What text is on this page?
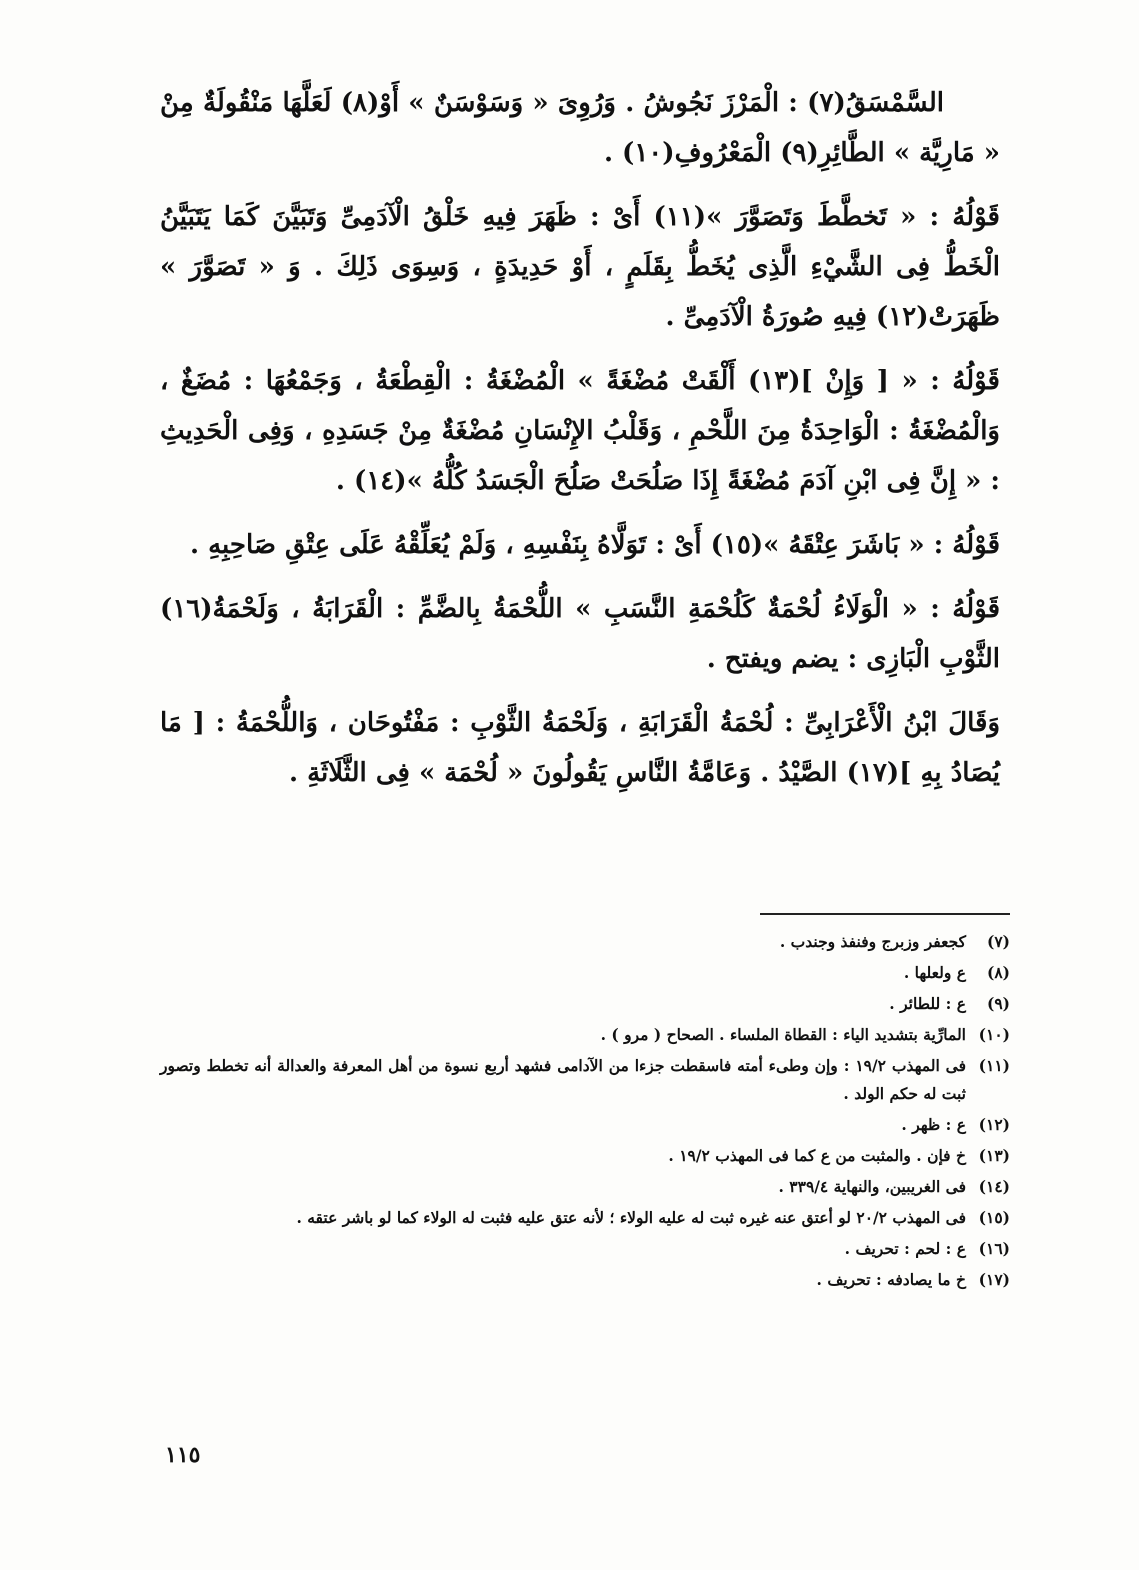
السَّمْسَقُ(٧) : الْمَرْزَ نَجُوشُ . وَرُوِىَ « وَسَوْسَنٌ » أَوْ(٨) لَعَلَّهَا مَنْقُولَةٌ مِنْ « مَارِيَّة » الطَّائِرِ(٩) الْمَعْرُوفِ(١٠) .

قَوْلُهُ : « تَخطَّطَ وَتَصَوَّرَ »(١١) أَىْ : ظَهَرَ فِيهِ خَلْقُ الْآدَمِىِّ وَتَبَيَّنَ كَمَا يَتَبَيَّنُ الْخَطُّ فِى الشَّيْءِ الَّذِى يُخَطُّ بِقَلَمٍ ، أَوْ حَدِيدَةٍ ، وَسِوَى ذَلِكَ . وَ « تَصَوَّرَ » ظَهَرَتْ(١٢) فِيهِ صُورَةُ الْآدَمِىِّ .

قَوْلُهُ : « [ وَإِنْ ](١٣) أَلْقَتْ مُضْغَةً » الْمُضْغَةُ : الْقِطْعَةُ ، وَجَمْعُهَا : مُضَغٌ ، وَالْمُضْغَةُ : الْوَاحِدَةُ مِنَ اللَّحْمِ ، وَقَلْبُ الإِنْسَانِ مُضْغَةٌ مِنْ جَسَدِهِ ، وَفِى الْحَدِيثِ : « إِنَّ فِى ابْنِ آدَمَ مُضْغَةً إِذَا صَلُحَتْ صَلُحَ الْجَسَدُ كُلُّهُ »(١٤) .

قَوْلُهُ : « بَاشَرَ عِتْقَهُ »(١٥) أَىْ : تَوَلَّاهُ بِنَفْسِهِ ، وَلَمْ يُعَلِّقْهُ عَلَى عِتْقِ صَاحِبِهِ .

قَوْلُهُ : « الْوَلَاءُ لُحْمَةٌ كَلُحْمَةِ النَّسَبِ » اللُّحْمَةُ بِالضَّمِّ : الْقَرَابَةُ ، وَلَحْمَةُ(١٦) الثَّوْبِ الْبَازِى : يضم ويفتح .

وَقَالَ ابْنُ الْأَعْرَابِىِّ : لُحْمَةُ الْقَرَابَةِ ، وَلَحْمَةُ الثَّوْبِ : مَفْتُوحَان ، وَاللُّحْمَةُ : [ مَا يُصَادُ بِهِ ](١٧) الصَّيْدُ . وَعَامَّةُ النَّاسِ يَقُولُونَ « لُحْمَة » فِى الثَّلَاثَةِ .

(٧)كجعفر وزبرج وفنفذ وجندب .

(٨)ع ولعلها .

(٩)ع : للطائر .

(١٠)المارِّية بتشديد الياء : القطاة الملساء . الصحاح ( مرو ) .

(١١)فى المهذب ١٩/٢ : وإن وطىء أمته فاسقطت جزءا من الآدامى فشهد أربع نسوة من أهل المعرفة والعدالة أنه تخطط وتصور ثبت له حكم الولد .

(١٢)ع : ظهر .

(١٣)خ فإن . والمثبت من ع كما فى المهذب ١٩/٢ .

(١٤)فى الغريبين، والنهاية ٣٣٩/٤ .

(١٥)فى المهذب ٢٠/٢ لو أعتق عنه غيره ثبت له عليه الولاء ؛ لأنه عتق عليه فثبت له الولاء كما لو باشر عتقه .

(١٦)ع : لحم : تحريف .

(١٧)خ ما يصادفه : تحريف .

١١٥
